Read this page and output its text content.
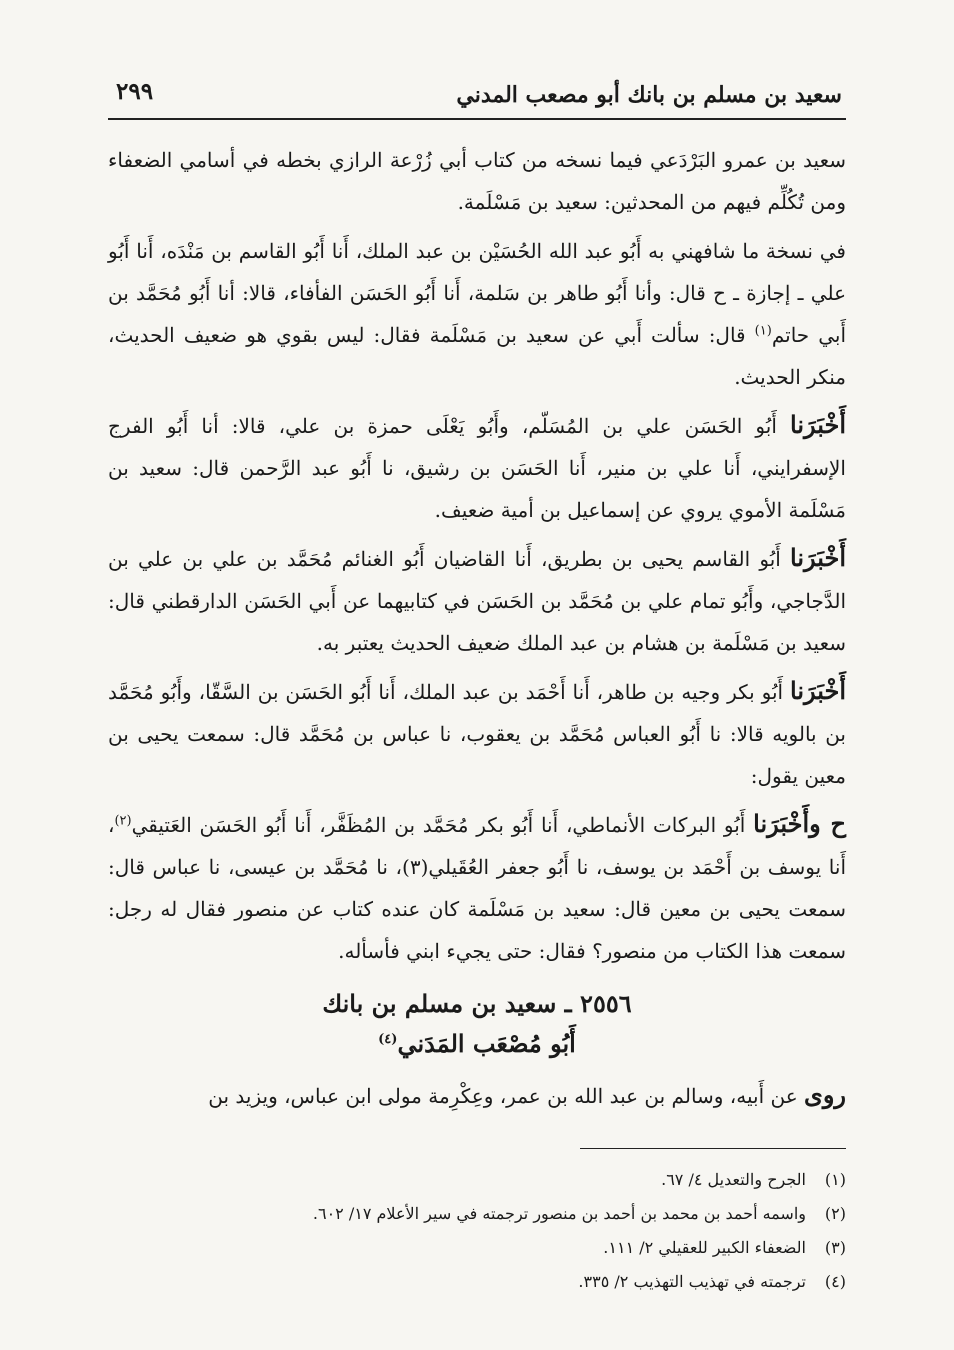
٢٩٩	سعيد بن مسلم بن بانك أبو مصعب المدني

سعيد بن عمرو البَرْدَعي فيما نسخه من كتاب أبي زُرْعة الرازي بخطه في أسامي الضعفاء ومن تُكُلِّم فيهم من المحدثين: سعيد بن مَسْلَمة.

في نسخة ما شافهني به أَبُو عبد الله الحُسَيْن بن عبد الملك، أَنا أَبُو القاسم بن مَنْدَه، أَنا أَبُو علي ـ إجازة ـ ح قال: وأنا أَبُو طاهر بن سَلمة، أَنا أَبُو الحَسَن الفأفاء، قالا: أنا أَبُو مُحَمَّد بن أَبي حاتم$^{(١)}$ قال: سألت أَبي عن سعيد بن مَسْلَمة فقال: ليس بقوي هو ضعيف الحديث، منكر الحديث.

أَخْبَرَنا أَبُو الحَسَن علي بن المُسَلّم، وأَبُو يَعْلَى حمزة بن علي، قالا: أنا أَبُو الفرج الإسفرايني، أَنا علي بن منير، أَنا الحَسَن بن رشيق، نا أَبُو عبد الرَّحمن قال: سعيد بن مَسْلَمة الأموي يروي عن إسماعيل بن أمية ضعيف.

أَخْبَرَنا أَبُو القاسم يحيى بن بطريق، أَنا القاضيان أَبُو الغنائم مُحَمَّد بن علي بن علي بن الدَّجاجي، وأَبُو تمام علي بن مُحَمَّد بن الحَسَن في كتابيهما عن أَبي الحَسَن الدارقطني قال: سعيد بن مَسْلَمة بن هشام بن عبد الملك ضعيف الحديث يعتبر به.

أَخْبَرَنا أَبُو بكر وجيه بن طاهر، أَنا أَحْمَد بن عبد الملك، أَنا أَبُو الحَسَن بن السَّقّا، وأَبُو مُحَمَّد بن بالويه قالا: نا أَبُو العباس مُحَمَّد بن يعقوب، نا عباس بن مُحَمَّد قال: سمعت يحيى بن معين يقول:

ح وأَخْبَرَنا أَبُو البركات الأنماطي، أَنا أَبُو بكر مُحَمَّد بن المُظَفَّر، أَنا أَبُو الحَسَن العَتيقي$^{(٢)}$، أَنا يوسف بن أَحْمَد بن يوسف، نا أَبُو جعفر العُقَيلي(٣)، نا مُحَمَّد بن عيسى، نا عباس قال: سمعت يحيى بن معين قال: سعيد بن مَسْلَمة كان عنده كتاب عن منصور فقال له رجل: سمعت هذا الكتاب من منصور؟ فقال: حتى يجيء ابني فأسأله.

٢٥٥٦ ـ سعيد بن مسلم بن بانك
أَبُو مُصْعَب المَدَني$^{(٤)}$

روى عن أَبيه، وسالم بن عبد الله بن عمر، وعِكْرِمة مولى ابن عباس، ويزيد بن

(١)
الجرح والتعديل ٤/ ٦٧.
(٢)
واسمه أحمد بن محمد بن أحمد بن منصور ترجمته في سير الأعلام ١٧/ ٦٠٢.
(٣)
الضعفاء الكبير للعقيلي ٢/ ١١١.
(٤)
ترجمته في تهذيب التهذيب ٢/ ٣٣٥.
